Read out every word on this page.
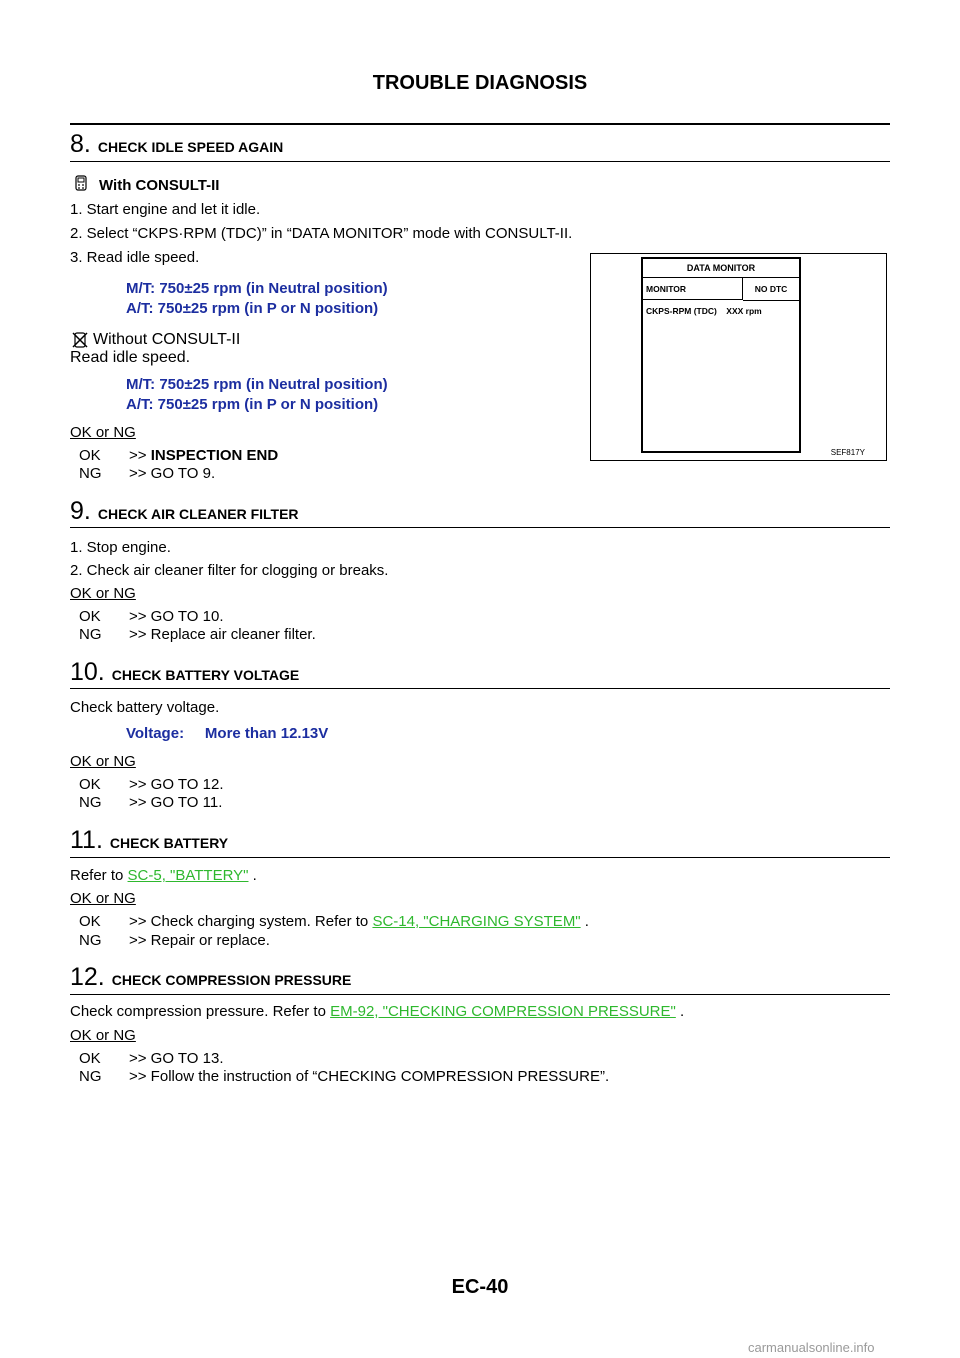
TROUBLE DIAGNOSIS
8. CHECK IDLE SPEED AGAIN
With CONSULT-II
1. Start engine and let it idle.
2. Select “CKPS·RPM (TDC)” in “DATA MONITOR” mode with CONSULT-II.
3. Read idle speed.
M/T: 750±25 rpm (in Neutral position)
A/T: 750±25 rpm (in P or N position)
Without CONSULT-II
Read idle speed.
M/T: 750±25 rpm (in Neutral position)
A/T: 750±25 rpm (in P or N position)
OK or NG
OK >> INSPECTION END
NG >> GO TO 9.
DATA MONITOR
MONITOR	NO DTC
CKPS-RPM (TDC) XXX rpm
SEF817Y
9. CHECK AIR CLEANER FILTER
1. Stop engine.
2. Check air cleaner filter for clogging or breaks.
OK or NG
OK >> GO TO 10.
NG >> Replace air cleaner filter.
10. CHECK BATTERY VOLTAGE
Check battery voltage.
Voltage: More than 12.13V
OK or NG
OK >> GO TO 12.
NG >> GO TO 11.
11. CHECK BATTERY
Refer to SC-5, "BATTERY" .
OK or NG
OK >> Check charging system. Refer to SC-14, "CHARGING SYSTEM" .
NG >> Repair or replace.
12. CHECK COMPRESSION PRESSURE
Check compression pressure. Refer to EM-92, "CHECKING COMPRESSION PRESSURE" .
OK or NG
OK >> GO TO 13.
NG >> Follow the instruction of “CHECKING COMPRESSION PRESSURE”.
EC-40
carmanualsonline.info
